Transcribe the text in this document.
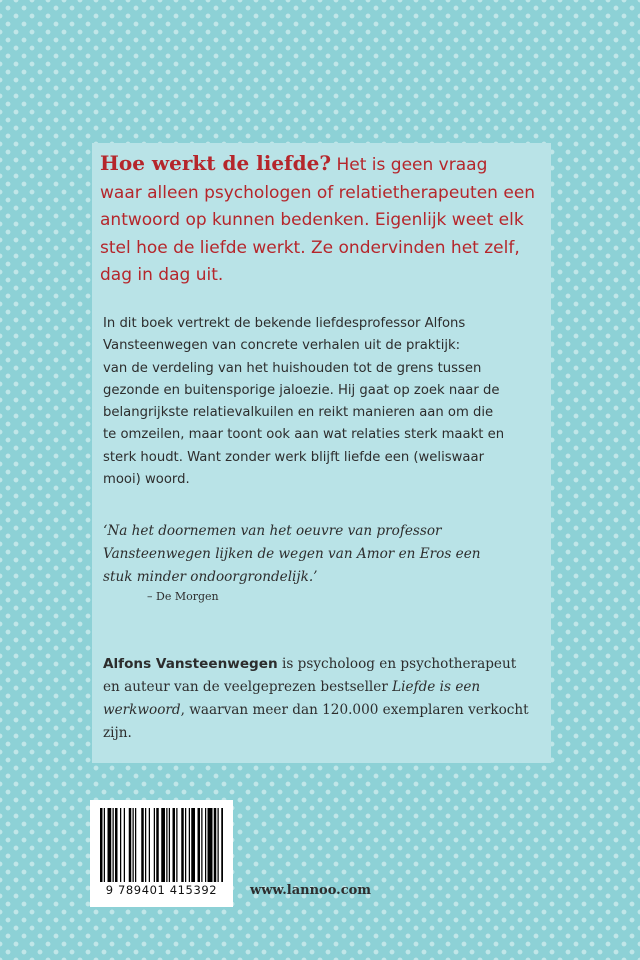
Hoe werkt de liefde? Het is geen vraag
waar alleen psychologen of relatietherapeuten een
antwoord op kunnen bedenken. Eigenlijk weet elk
stel hoe de liefde werkt. Ze ondervinden het zelf,
dag in dag uit.

In dit boek vertrekt de bekende liefdesprofessor Alfons
Vansteenwegen van concrete verhalen uit de praktijk:
van de verdeling van het huishouden tot de grens tussen
gezonde en buitensporige jaloezie. Hij gaat op zoek naar de
belangrijkste relatievalkuilen en reikt manieren aan om die
te omzeilen, maar toont ook aan wat relaties sterk maakt en
sterk houdt. Want zonder werk blijft liefde een (weliswaar
mooi) woord.

‘Na het doornemen van het oeuvre van professor
Vansteenwegen lijken de wegen van Amor en Eros een
stuk minder ondoorgrondelijk.’

– De Morgen

Alfons Vansteenwegen is psycholoog en psychotherapeut
en auteur van de veelgeprezen bestseller Liefde is een
werkwoord, waarvan meer dan 120.000 exemplaren verkocht
zijn.

9 789401 415392	www.lannoo.com
